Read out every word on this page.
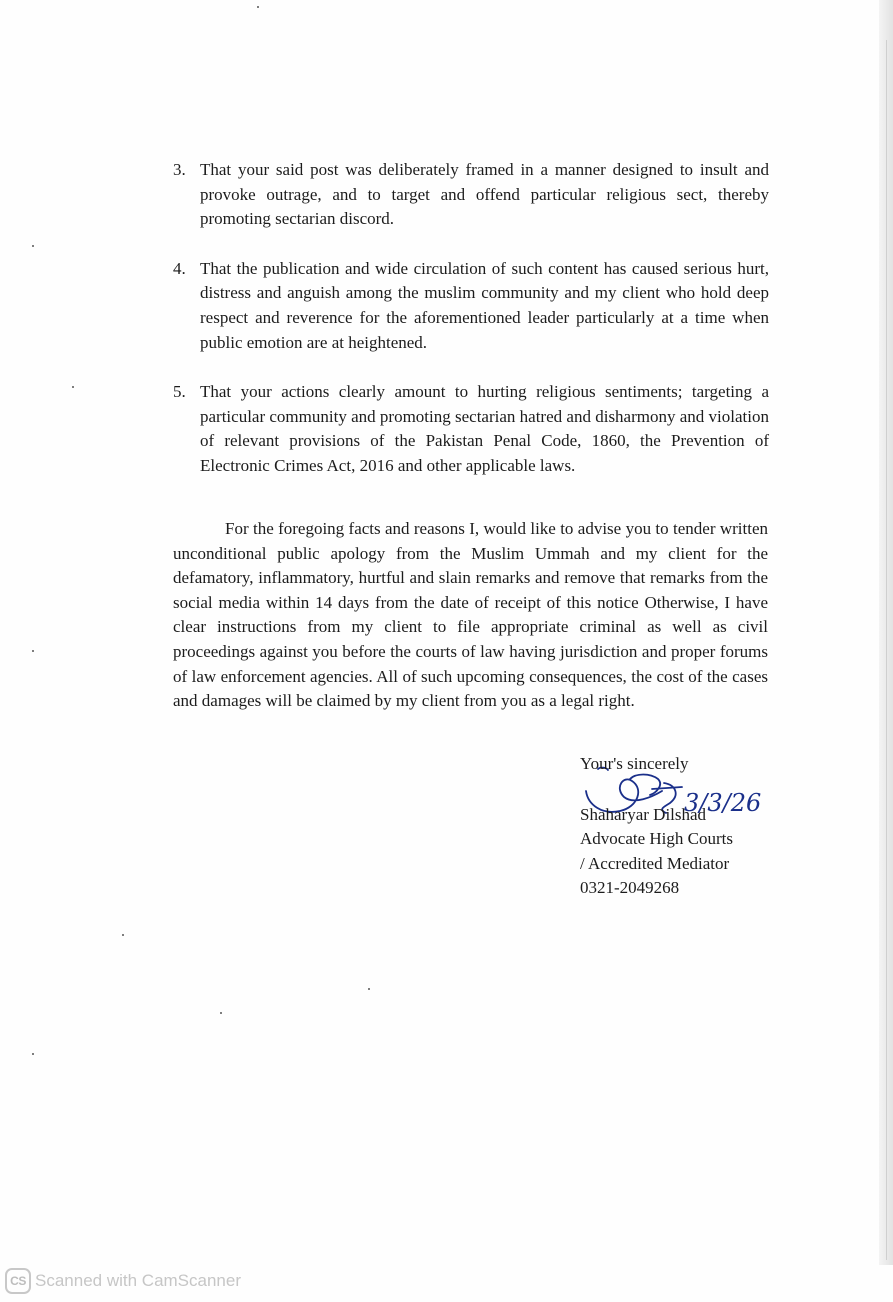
3. That your said post was deliberately framed in a manner designed to insult and provoke outrage, and to target and offend particular religious sect, thereby promoting sectarian discord.
4. That the publication and wide circulation of such content has caused serious hurt, distress and anguish among the muslim community and my client who hold deep respect and reverence for the aforementioned leader particularly at a time when public emotion are at heightened.
5. That your actions clearly amount to hurting religious sentiments; targeting a particular community and promoting sectarian hatred and disharmony and violation of relevant provisions of the Pakistan Penal Code, 1860, the Prevention of Electronic Crimes Act, 2016 and other applicable laws.

For the foregoing facts and reasons I, would like to advise you to tender written unconditional public apology from the Muslim Ummah and my client for the defamatory, inflammatory, hurtful and slain remarks and remove that remarks from the social media within 14 days from the date of receipt of this notice Otherwise, I have clear instructions from my client to file appropriate criminal as well as civil proceedings against you before the courts of law having jurisdiction and proper forums of law enforcement agencies. All of such upcoming consequences, the cost of the cases and damages will be claimed by my client from you as a legal right.

3/3/26
Your's sincerely
Shaharyar Dilshad
Advocate High Courts
/ Accredited Mediator
0321-2049268
CS Scanned with CamScanner
